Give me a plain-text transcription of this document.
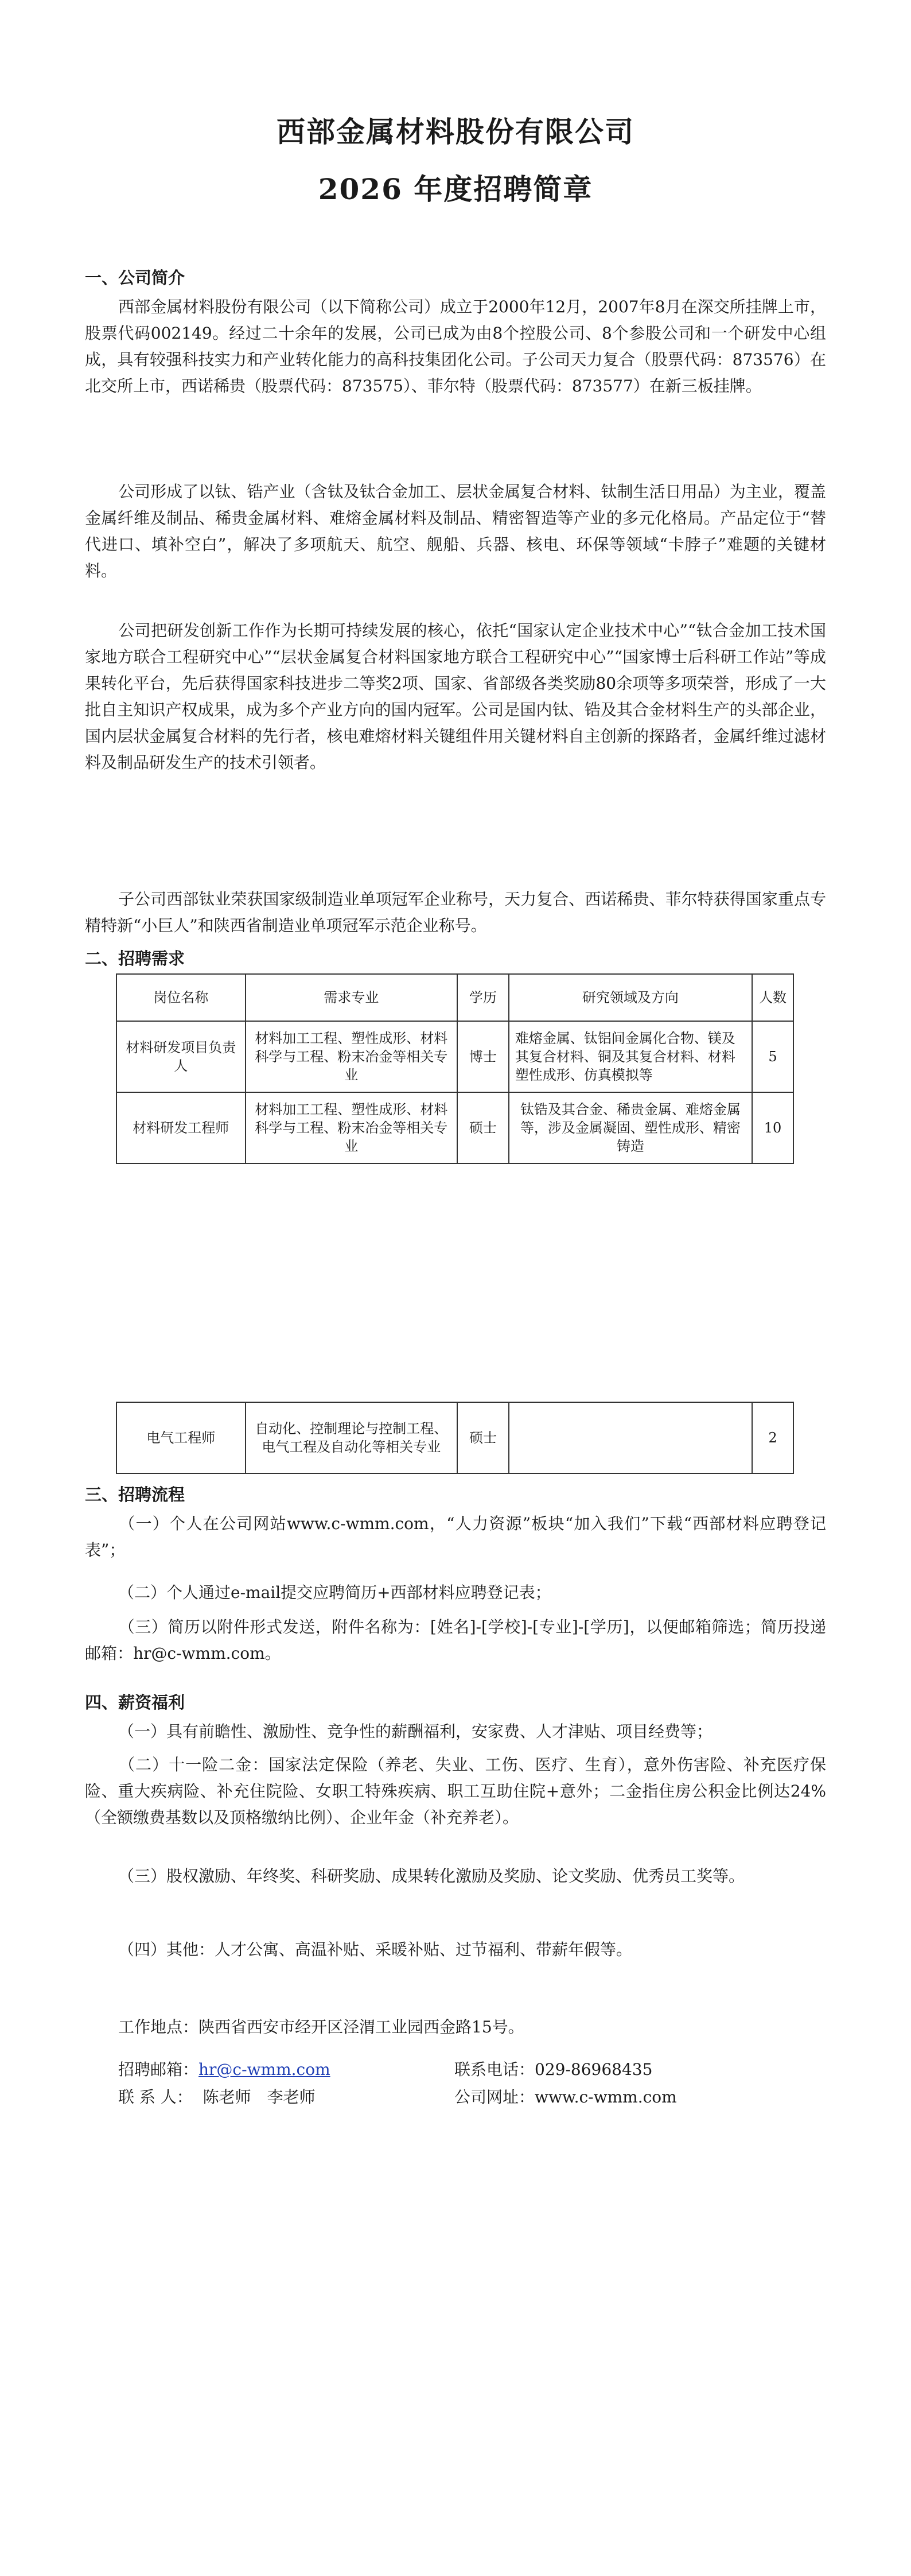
西部金属材料股份有限公司
2026 年度招聘简章
一、公司简介
西部金属材料股份有限公司（以下简称公司）成立于2000年12月，2007年8月在深交所挂牌上市，股票代码002149。经过二十余年的发展，公司已成为由8个控股公司、8个参股公司和一个研发中心组成，具有较强科技实力和产业转化能力的高科技集团化公司。子公司天力复合（股票代码：873576）在北交所上市，西诺稀贵（股票代码：873575）、菲尔特（股票代码：873577）在新三板挂牌。
公司形成了以钛、锆产业（含钛及钛合金加工、层状金属复合材料、钛制生活日用品）为主业，覆盖金属纤维及制品、稀贵金属材料、难熔金属材料及制品、精密智造等产业的多元化格局。产品定位于“替代进口、填补空白”，解决了多项航天、航空、舰船、兵器、核电、环保等领域“卡脖子”难题的关键材料。
公司把研发创新工作作为长期可持续发展的核心，依托“国家认定企业技术中心”“钛合金加工技术国家地方联合工程研究中心”“层状金属复合材料国家地方联合工程研究中心”“国家博士后科研工作站”等成果转化平台，先后获得国家科技进步二等奖2项、国家、省部级各类奖励80余项等多项荣誉，形成了一大批自主知识产权成果，成为多个产业方向的国内冠军。公司是国内钛、锆及其合金材料生产的头部企业，国内层状金属复合材料的先行者，核电难熔材料关键组件用关键材料自主创新的探路者，金属纤维过滤材料及制品研发生产的技术引领者。
子公司西部钛业荣获国家级制造业单项冠军企业称号，天力复合、西诺稀贵、菲尔特获得国家重点专精特新“小巨人”和陕西省制造业单项冠军示范企业称号。
二、招聘需求
岗位名称	需求专业	学历	研究领域及方向	人数
材料研发项目负责人	材料加工工程、塑性成形、材料科学与工程、粉末冶金等相关专业	博士	难熔金属、钛铝间金属化合物、镁及其复合材料、铜及其复合材料、材料塑性成形、仿真模拟等	5
材料研发工程师	材料加工工程、塑性成形、材料科学与工程、粉末冶金等相关专业	硕士	钛锆及其合金、稀贵金属、难熔金属等，涉及金属凝固、塑性成形、精密铸造	10
电气工程师	自动化、控制理论与控制工程、电气工程及自动化等相关专业	硕士		2
三、招聘流程
（一）个人在公司网站www.c-wmm.com，“人力资源”板块“加入我们”下载“西部材料应聘登记表”；
（二）个人通过e-mail提交应聘简历+西部材料应聘登记表；
（三）简历以附件形式发送，附件名称为：[姓名]-[学校]-[专业]-[学历]，以便邮箱筛选；简历投递邮箱：hr@c-wmm.com。
四、薪资福利
（一）具有前瞻性、激励性、竞争性的薪酬福利，安家费、人才津贴、项目经费等；
（二）十一险二金：国家法定保险（养老、失业、工伤、医疗、生育），意外伤害险、补充医疗保险、重大疾病险、补充住院险、女职工特殊疾病、职工互助住院+意外；二金指住房公积金比例达24%（全额缴费基数以及顶格缴纳比例）、企业年金（补充养老）。
（三）股权激励、年终奖、科研奖励、成果转化激励及奖励、论文奖励、优秀员工奖等。
（四）其他：人才公寓、高温补贴、采暖补贴、过节福利、带薪年假等。
工作地点：陕西省西安市经开区泾渭工业园西金路15号。
招聘邮箱：hr@c-wmm.com	联系电话：029-86968435
联 系 人： 陈老师　李老师	公司网址：www.c-wmm.com
